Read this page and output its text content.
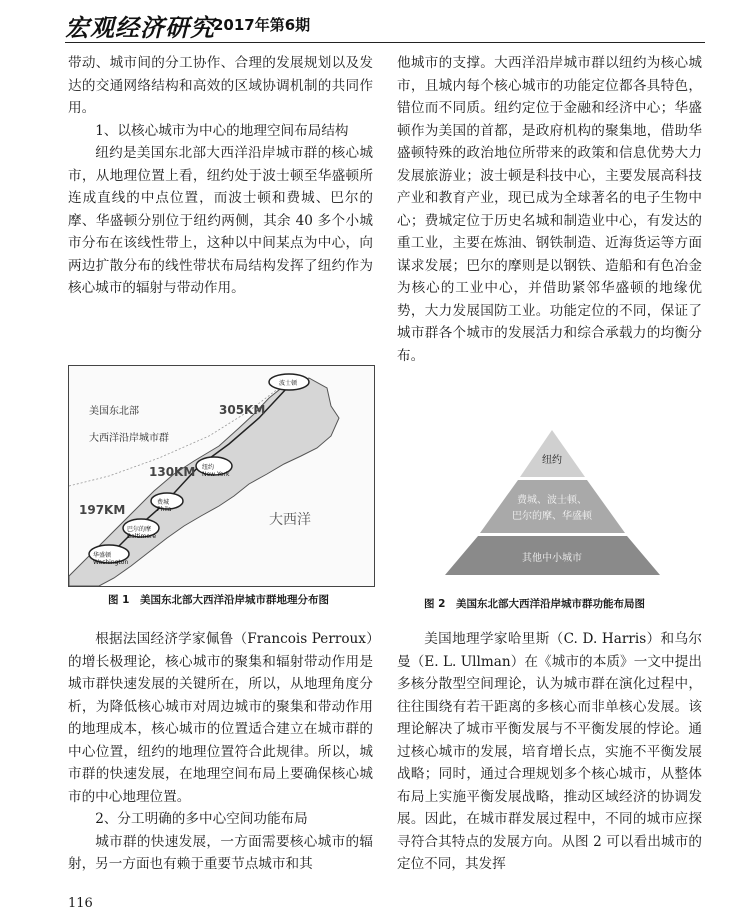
宏观经济研究
2017年第6期

带动、城市间的分工协作、合理的发展规划以及发达的交通网络结构和高效的区域协调机制的共同作用。

1、以核心城市为中心的地理空间布局结构

纽约是美国东北部大西洋沿岸城市群的核心城市，从地理位置上看，纽约处于波士顿至华盛顿所连成直线的中点位置，而波士顿和费城、巴尔的摩、华盛顿分别位于纽约两侧，其余 40 多个小城市分布在该线性带上，这种以中间某点为中心，向两边扩散分布的线性带状布局结构发挥了纽约作为核心城市的辐射与带动作用。

他城市的支撑。大西洋沿岸城市群以纽约为核心城市，且城内每个核心城市的功能定位都各具特色，错位而不同质。纽约定位于金融和经济中心；华盛顿作为美国的首都，是政府机构的聚集地，借助华盛顿特殊的政治地位所带来的政策和信息优势大力发展旅游业；波士顿是科技中心，主要发展高科技产业和教育产业，现已成为全球著名的电子生物中心；费城定位于历史名城和制造业中心，有发达的重工业，主要在炼油、钢铁制造、近海货运等方面谋求发展；巴尔的摩则是以钢铁、造船和有色冶金为核心的工业中心，并借助紧邻华盛顿的地缘优势，大力发展国防工业。功能定位的不同，保证了城市群各个城市的发展活力和综合承载力的均衡分布。

美国东北部
大西洋沿岸城市群
大西洋
305KM
130KM
197KM
波士顿
纽约 New York
费城 Phila
巴尔的摩 Baltimore
华盛顿 Washington
图 1　美国东北部大西洋沿岸城市群地理分布图
纽约
费城、波士顿、
巴尔的摩、华盛顿
其他中小城市
图 2　美国东北部大西洋沿岸城市群功能布局图

根据法国经济学家佩鲁（Francois Perroux）的增长极理论，核心城市的聚集和辐射带动作用是城市群快速发展的关键所在，所以，从地理角度分析，为降低核心城市对周边城市的聚集和带动作用的地理成本，核心城市的位置适合建立在城市群的中心位置，纽约的地理位置符合此规律。所以，城市群的快速发展，在地理空间布局上要确保核心城市的中心地理位置。

2、分工明确的多中心空间功能布局

城市群的快速发展，一方面需要核心城市的辐射，另一方面也有赖于重要节点城市和其

美国地理学家哈里斯（C. D. Harris）和乌尔曼（E. L. Ullman）在《城市的本质》一文中提出多核分散型空间理论，认为城市群在演化过程中，往往围绕有若干距离的多核心而非单核心发展。该理论解决了城市平衡发展与不平衡发展的悖论。通过核心城市的发展，培育增长点，实施不平衡发展战略；同时，通过合理规划多个核心城市，从整体布局上实施平衡发展战略，推动区域经济的协调发展。因此，在城市群发展过程中，不同的城市应探寻符合其特点的发展方向。从图 2 可以看出城市的定位不同，其发挥

116
